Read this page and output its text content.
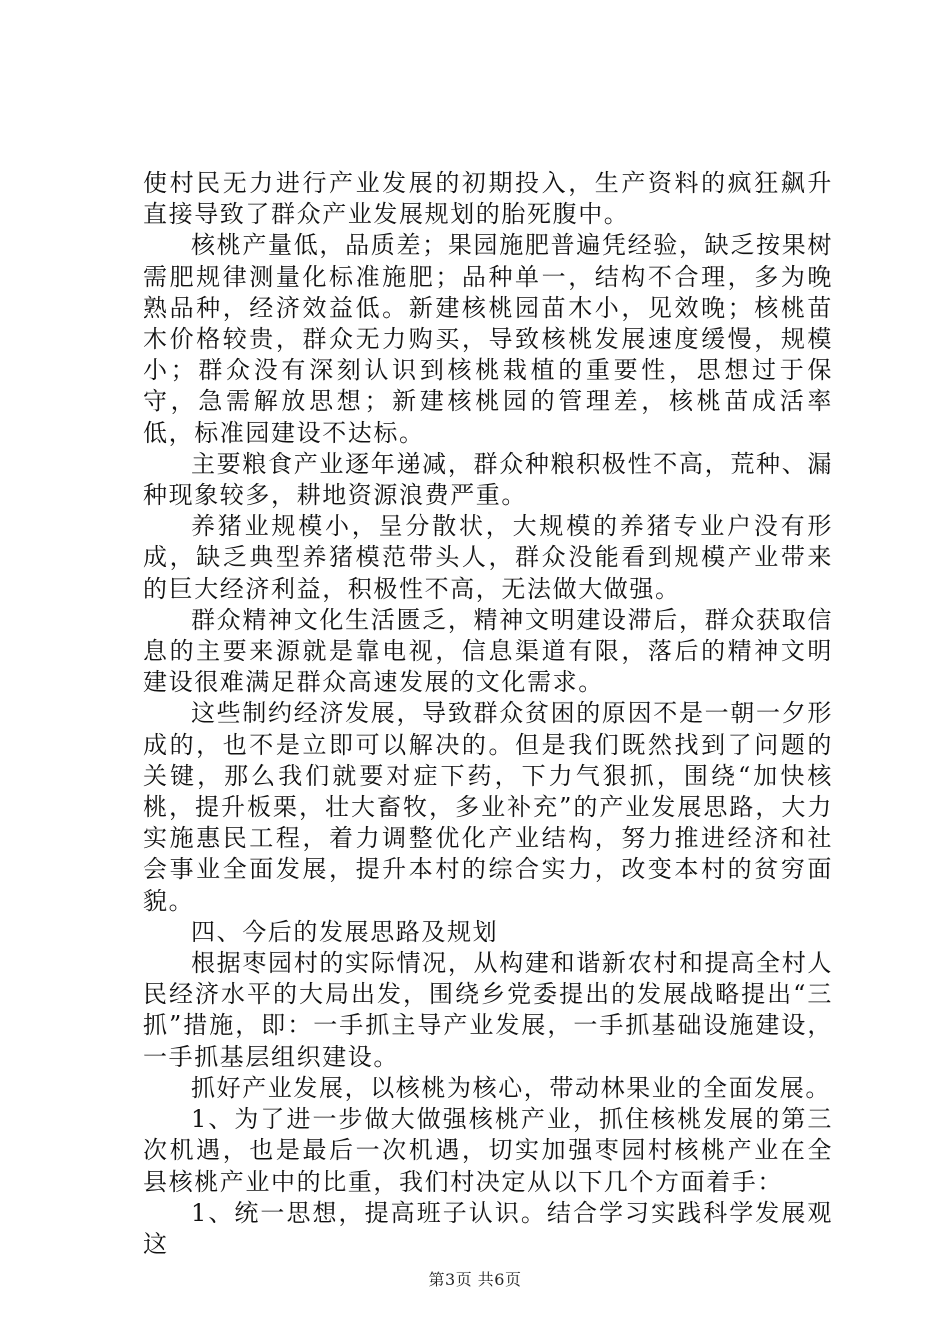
使村民无力进行产业发展的初期投入，生产资料的疯狂飙升直接导致了群众产业发展规划的胎死腹中。

核桃产量低，品质差；果园施肥普遍凭经验，缺乏按果树需肥规律测量化标准施肥；品种单一，结构不合理，多为晚熟品种，经济效益低。新建核桃园苗木小，见效晚；核桃苗木价格较贵，群众无力购买，导致核桃发展速度缓慢，规模小；群众没有深刻认识到核桃栽植的重要性，思想过于保守，急需解放思想；新建核桃园的管理差，核桃苗成活率低，标准园建设不达标。

主要粮食产业逐年递减，群众种粮积极性不高，荒种、漏种现象较多，耕地资源浪费严重。

养猪业规模小，呈分散状，大规模的养猪专业户没有形成，缺乏典型养猪模范带头人，群众没能看到规模产业带来的巨大经济利益，积极性不高，无法做大做强。

群众精神文化生活匮乏，精神文明建设滞后，群众获取信息的主要来源就是靠电视，信息渠道有限，落后的精神文明建设很难满足群众高速发展的文化需求。

这些制约经济发展，导致群众贫困的原因不是一朝一夕形成的，也不是立即可以解决的。但是我们既然找到了问题的关键，那么我们就要对症下药，下力气狠抓，围绕“加快核桃，提升板栗，壮大畜牧，多业补充”的产业发展思路，大力实施惠民工程，着力调整优化产业结构，努力推进经济和社会事业全面发展，提升本村的综合实力，改变本村的贫穷面貌。

四、今后的发展思路及规划

根据枣园村的实际情况，从构建和谐新农村和提高全村人民经济水平的大局出发，围绕乡党委提出的发展战略提出“三抓”措施，即：一手抓主导产业发展，一手抓基础设施建设，一手抓基层组织建设。

抓好产业发展，以核桃为核心，带动林果业的全面发展。

1、为了进一步做大做强核桃产业，抓住核桃发展的第三次机遇，也是最后一次机遇，切实加强枣园村核桃产业在全县核桃产业中的比重，我们村决定从以下几个方面着手：

1、统一思想，提高班子认识。结合学习实践科学发展观这

第3页 共6页
